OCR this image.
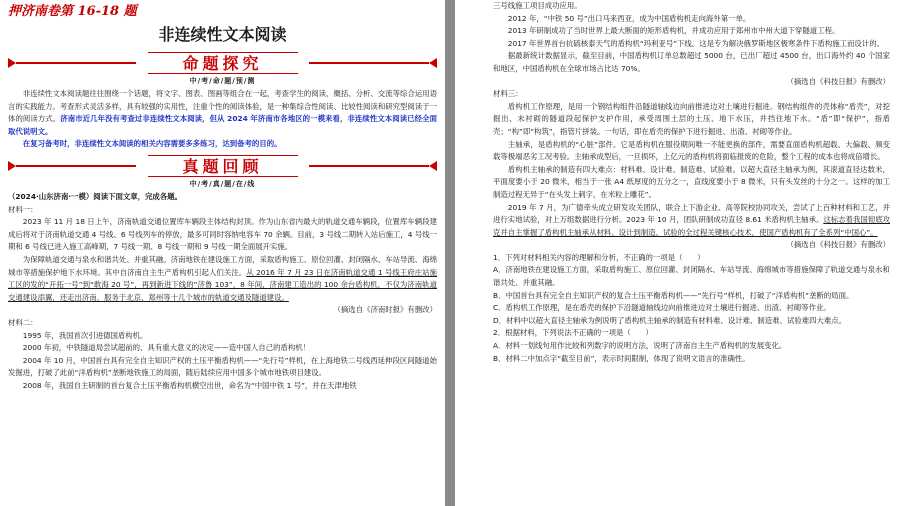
押济南卷第 16-18 题
非连续性文本阅读
命题探究
中/考/命/题/预/测

非连续性文本阅读题往往围绕一个话题，将文字、图表、图画等组合在一起，考查学生的阅读、概括、分析、交流等综合运用语言的实践能力。考查形式灵活多样，具有较强的实用性，注重个性的阅读体验，是一种集综合性阅读、比较性阅读和研究型阅读于一体的阅读方式。济南市近几年没有考查过非连续性文本阅读，但从 2024 年济南市各地区的一模来看，非连续性文本阅读已经全面取代说明文。

在复习备考时，非连续性文本阅读的相关内容需要多多练习，达到备考的目的。

真题回顾
中/考/真/题/在/线

（2024·山东济南·一模）阅读下面文章，完成各题。

材料一：

2023 年 11 月 18 日上午，济南轨道交通位置库车辆段主体结构封顶。作为山东省内最大的轨道交通车辆段，位置库车辆段建成后将对于济南轨道交通 4 号线、6 号线列车的停放，最多可同时容纳电容车 70 余辆。目前，3 号线二期转入站后施工，4 号线一期和 6 号线已进入施工高峰期，7 号线一期、8 号线一期和 9 号线一期全面展开实施。

为保障轨道交通与泉水和谐共处、并重其融。济南地铁在建设施工方面，采取盾构施工、原位回灌、封闭隔水、车站导流、海绵城市等措施保护地下水环境。其中自济南自主生产盾构机引起人们关注。从 2016 年 7 月 23 日在济南轨道交通 1 号线王府庄站施工区的发的“开拓一号”到“敢海 20 号”，再到新进下线的“济鲁 103”，8 年间，济南建工造出的 100 余台盾构机，不仅为济南轨道交通建设添翼，还走出济南，服务于北京、郑州等十几个城市的轨道交通及隧道建设。

（摘选自《济南时报》有删改）

材料二：

1995 年，我国首次引进德国盾构机。

2000 年初，中铁隧道局尝试超前的、具有重大意义的决定——造中国人自己的盾构机！

2004 年 10 月，中国首台具有完全自主知识产权的土压平衡盾构机——“先行号”样机，在上海地铁二号线西延伸段区间隧道始发掘进，打破了此前“洋盾构机”垄断地铁施工的局面，随后陆续应用中国多个城市地铁项目建设。

2008 年，我国自主研制的首台复合土压平衡盾构机横空出世，命名为“中国中铁 1 号”，并在天津地铁

三号线施工项目成功应用。

2012 年，“中铁 50 号”出口马来西亚，成为中国盾构机走向海外第一单。

2013 年研制成功了当时世界上最大断面的矩形盾构机，并成功应用于郑州市中州大道下穿隧道工程。

2017 年世界首台抗硫核泰天气的盾构机“玛利亚号”下线。这是专为解决俄罗斯地区极寒条件下盾构施工而设计的。

据最新统计数据显示，截至目前，中国盾构机订单总数超过 5000 台，已出厂超过 4500 台，出口海外约 40 个国家和地区，中国盾构机在全球市场占比达 70%。

（摘选自《科技日报》有删改）

材料三：

盾构机工作原理，是用一个钢结构组件沿隧道轴线边向前推进边对土壤进行掘进。钢结构组件的壳体称“盾壳”，对挖掘出、未衬砌的隧道段起保护支护作用，承受周围土层的土压、地下水压，并挡住地下水。“盾”即“保护”，指盾壳；“构”即“构筑”，指管片拼装。一句话，即在盾壳的保护下进行掘进、出渣、衬砌等作业。

主轴承，是盾构机的“心脏”部件。它是盾构机在服役期间唯一不能更换的部件，需要直面盾构机超载、大偏载、频变载等极端恶劣工况考验。主轴承成型后，一旦损坏，上亿元的盾构机将面临报废的危险，整个工程的成本也将成倍增长。

盾构机主轴承的制造有四大难点：材料难、设计难、制造难、试验难。以超大直径主轴承为例，其滚道直径达数米，平面度要小于 20 微米，相当于一张 A4 纸厚度的五分之一，直线度要小于 8 微米，只有头发丝的十分之一。这样的加工制造过程无异于“在头发上刺字，在米粒上雕花”。

2019 年 7 月，为广德牵头成立研发攻关团队，联合上下游企业、高等院校协同攻关，尝试了上百种材料和工艺，并进行实地试验，对上万组数据进行分析。2023 年 10 月，团队研制成功直径 8.61 米盾构机主轴承。这标志着我国彻底攻克并自主掌握了盾构机主轴承从材料、设计到制造、试验的全过程关键核心技术，使国产盾构机有了全系列“中国心”。

（摘选自《科技日报》有删改）

1．下列对材料相关内容的理解和分析，不正确的一项是（　　）

A．济南地铁在建设施工方面，采取盾构施工、原位回灌、封闭隔水、车站导流、海绵城市等措施保障了轨道交通与泉水和谐共处、并重其融。

B．中国首台具有完全自主知识产权的复合土压平衡盾构机——“先行号”样机，打破了“洋盾构机”垄断的局面。

C．盾构机工作原理，是在盾壳的保护下沿隧道轴线边向前推进边对土壤进行掘进、出渣、衬砌等作业。

D．材料中以超大直径主轴承为例说明了盾构机主轴承的制造有材料难、设计难、制造难、试验难四大难点。

2．根据材料，下列说法不正确的一项是（　　）

A．材料一划线句用作比较和列数字的说明方法，说明了济南自主生产盾构机的发展变化。

B．材料二中加点字“截至目前”，表示时间限制，体现了说明文语言的准确性。
